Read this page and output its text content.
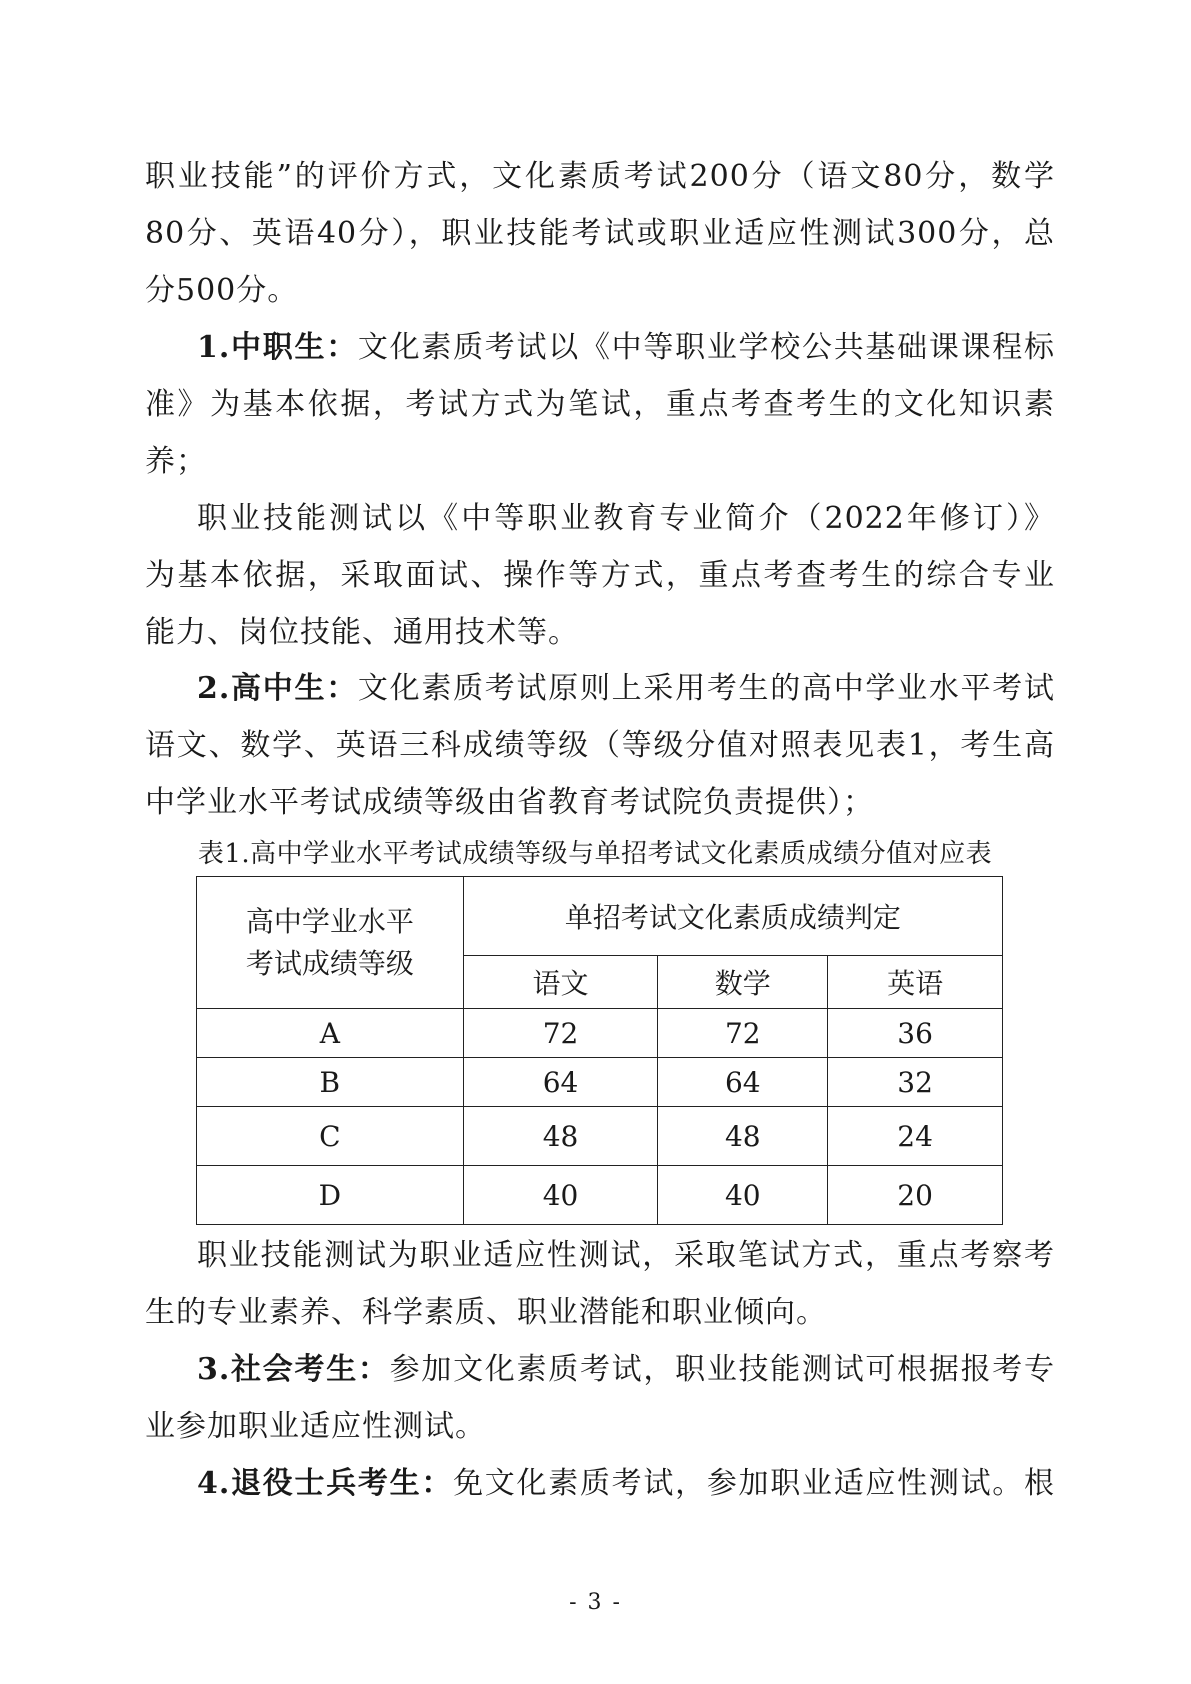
职业技能”的评价方式，文化素质考试200分（语文80分，数学
80分、英语40分），职业技能考试或职业适应性测试300分，总
分500分。
1.中职生：文化素质考试以《中等职业学校公共基础课课程标
准》为基本依据，考试方式为笔试，重点考查考生的文化知识素
养；
职业技能测试以《中等职业教育专业简介（2022年修订）》
为基本依据，采取面试、操作等方式，重点考查考生的综合专业
能力、岗位技能、通用技术等。
2.高中生：文化素质考试原则上采用考生的高中学业水平考试
语文、数学、英语三科成绩等级（等级分值对照表见表1，考生高
中学业水平考试成绩等级由省教育考试院负责提供）；
表1.高中学业水平考试成绩等级与单招考试文化素质成绩分值对应表
高中学业水平
考试成绩等级	单招考试文化素质成绩判定		
	语文	数学	英语
A	72	72	36
B	64	64	32
C	48	48	24
D	40	40	20
职业技能测试为职业适应性测试，采取笔试方式，重点考察考
生的专业素养、科学素质、职业潜能和职业倾向。
3.社会考生：参加文化素质考试，职业技能测试可根据报考专
业参加职业适应性测试。
4.退役士兵考生：免文化素质考试，参加职业适应性测试。根
- 3 -
